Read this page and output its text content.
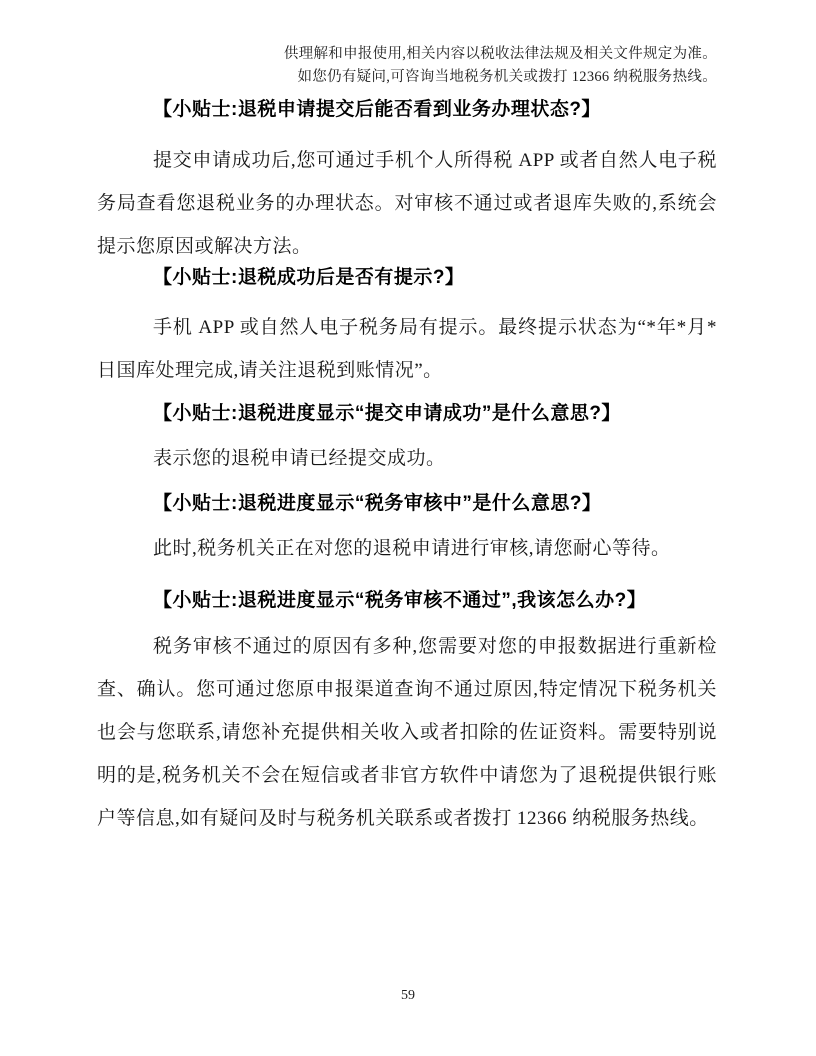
供理解和申报使用,相关内容以税收法律法规及相关文件规定为准。
如您仍有疑问,可咨询当地税务机关或拨打 12366 纳税服务热线。
【小贴士:退税申请提交后能否看到业务办理状态?】

提交申请成功后,您可通过手机个人所得税 APP 或者自然人电子税务局查看您退税业务的办理状态。对审核不通过或者退库失败的,系统会提示您原因或解决方法。

【小贴士:退税成功后是否有提示?】

手机 APP 或自然人电子税务局有提示。最终提示状态为“*年*月*日国库处理完成,请关注退税到账情况”。

【小贴士:退税进度显示“提交申请成功”是什么意思?】

表示您的退税申请已经提交成功。

【小贴士:退税进度显示“税务审核中”是什么意思?】

此时,税务机关正在对您的退税申请进行审核,请您耐心等待。

【小贴士:退税进度显示“税务审核不通过”,我该怎么办?】

税务审核不通过的原因有多种,您需要对您的申报数据进行重新检查、确认。您可通过您原申报渠道查询不通过原因,特定情况下税务机关也会与您联系,请您补充提供相关收入或者扣除的佐证资料。需要特别说明的是,税务机关不会在短信或者非官方软件中请您为了退税提供银行账户等信息,如有疑问及时与税务机关联系或者拨打 12366 纳税服务热线。

59
